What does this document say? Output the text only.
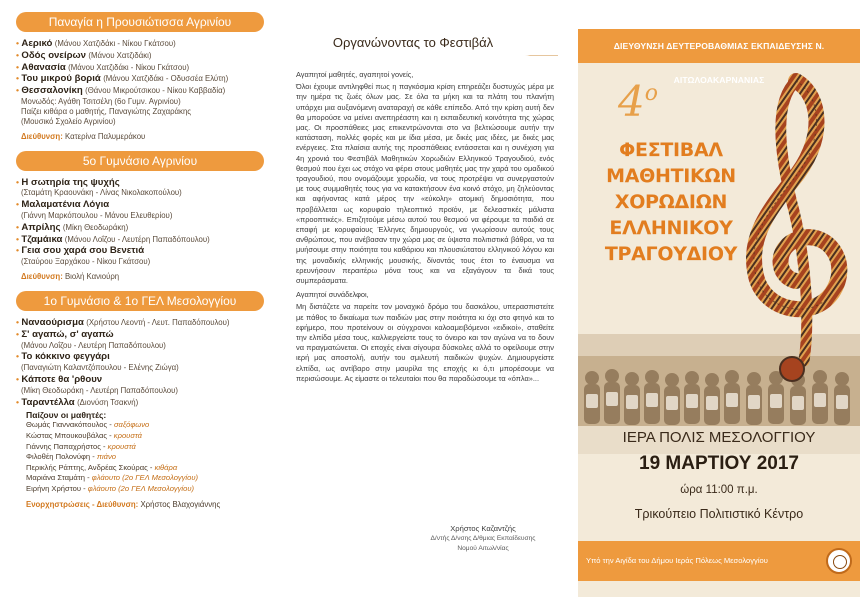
Παναγία η Προυσιώτισσα Αγρινίου
• Αερικό (Μάνου Χατζιδάκι - Νίκου Γκάτσου)
• Οδός ονείρων (Μάνου Χατζιδάκι)
• Αθανασία (Μάνου Χατζιδάκι - Νίκου Γκάτσου)
• Του μικρού βοριά (Μάνου Χατζιδάκι - Οδυσσέα Ελύτη)
• Θεσσαλονίκη (Θάνου Μικρούτσικου - Νίκου Καββαδία)
Μονωδός: Αγάθη Τσιτσέλη (6ο Γυμν. Αγρινίου)
Παίζει κιθάρα ο μαθητής, Παναγιώτης Ζαχαράκης
(Μουσικό Σχολείο Αγρινίου)
Διεύθυνση: Κατερίνα Παλυμεράκου
5ο Γυμνάσιο Αγρινίου
• Η σωτηρία της ψυχής
(Σταμάτη Κραουνάκη - Λίνας Νικολακοπούλου)
• Μαλαματένια Λόγια
(Γιάννη Μαρκόπουλου - Μάνου Ελευθερίου)
• Απρίλης (Μίκη Θεοδωράκη)
• Τζαμάικα (Μάνου Λοΐζου - Λευτέρη Παπαδόπουλου)
• Γεια σου χαρά σου Βενετιά
(Σταύρου Ξαρχάκου - Νίκου Γκάτσου)
Διεύθυνση: Βιολή Κανιούρη
1ο Γυμνάσιο & 1ο ΓΕΛ Μεσολογγίου
• Ναναούρισμα (Χρήστου Λεοντή - Λευτ. Παπαδόπουλου)
• Σ' αγαπώ, σ' αγαπώ
(Μάνου Λοΐζου - Λευτέρη Παπαδόπουλου)
• Το κόκκινο φεγγάρι
(Παναγιώτη Καλαντζόπουλου - Ελένης Ζιώγα)
• Κάποτε θα 'ρθουν
(Μίκη Θεοδωράκη - Λευτέρη Παπαδόπουλου)
• Ταραντέλλα (Διονύση Τσακνή)
Παίζουν οι μαθητές:
Θωμάς Γιαννακόπουλος - σαξόφωνο
Κώστας Μπουκουβάλας - κρουστά
Γιάννης Παπαχρήστος - κρουστά
Φιλοθέη Πολονύφη - πιάνο
Περικλής Ράπτης, Ανδρέας Σκούρας - κιθάρα
Μαριάνα Σταμάτη - φλάουτο (2ο ΓΕΛ Μεσολογγίου)
Ειρήνη Χρήστου - φλάουτο (2ο ΓΕΛ Μεσολογγίου)
Ενορχηστρώσεις - Διεύθυνση: Χρήστος Βλαχογιάννης
Οργανώνοντας το Φεστιβάλ

Αγαπητοί μαθητές, αγαπητοί γονείς,

Όλοι έχουμε αντιληφθεί πως η παγκόσμια κρίση επηρεάζει δυστυχώς μέρα με την ημέρα τις ζωές όλων μας. Σε όλα τα μήκη και τα πλάτη του πλανήτη υπάρχει μια αυξανόμενη αναταραχή σε κάθε επίπεδο. Από την κρίση αυτή δεν θα μπορούσε να μείνει ανεπηρέαστη και η εκπαιδευτική κοινότητα της χώρας μας. Οι προσπάθειες μας επικεντρώνονται στο να βελτιώσουμε αυτήν την κατάσταση, πολλές φορές και με ίδια μέσα, με δικές μας ιδέες, με δικές μας ενέργειες. Στα πλαίσια αυτής της προσπάθειας εντάσσεται και η συνέχιση για 4η χρονιά του Φεστιβάλ Μαθητικών Χορωδιών Ελληνικού Τραγουδιού, ενός θεσμού που έχει ως στόχο να φέρει στους μαθητές μας την χαρά του ομαδικού τραγουδιού, που ονομάζουμε χορωδία, να τους προτρέψει να συνεργαστούν με τους συμμαθητές τους για να κατακτήσουν ένα κοινό στόχο, μη ζηλεύοντας και αφήνοντας κατά μέρος την «εύκολη» ατομική δημοσιότητα, που προβάλλεται ως κορυφαίο τηλεοπτικό προϊόν, με δελεαστικές μάλιστα «προοπτικές». Επιζητούμε μέσω αυτού του θεσμού να φέρουμε τα παιδιά σε επαφή με κορυφαίους Έλληνες δημιουργούς, να γνωρίσουν αυτούς τους ανθρώπους, που ανέβασαν την χώρα μας σε ύψιστα πολιτιστικά βάθρα, να τα μυήσουμε στην ποιότητα του καθάριου και πλουσιώτατου ελληνικού λόγου και της μοναδικής ελληνικής μουσικής, δίνοντάς τους έτσι το έναυσμα να ερευνήσουν περαιτέρω μόνα τους και να εξαγάγουν τα δικά τους συμπεράσματα.

Αγαπητοί συνάδελφοι,

Μη διστάζετε να παρείτε τον μοναχικό δρόμο του δασκάλου, υπερασπιστείτε με πάθος το δικαίωμα των παιδιών μας στην ποιότητα κι όχι στο φτηνό και το εφήμερο, που προτείνουν οι σύγχρονοι καλοαμειβόμενοι «ειδικοί», σταθείτε την ελπίδα μέσα τους, καλλιεργείστε τους το όνειρο και τον αγώνα να το δουν να πραγματώνεται. Οι εποχές είναι σίγουρα δύσκολες αλλά το οφείλουμε στην ιερή μας αποστολή, αυτήν του σμιλευτή παιδικών ψυχών. Δημιουργείστε ελπίδα, ως αντίβαρο στην μαυρίλα της εποχής κι ό,τι μπορέσουμε να περισώσουμε. Ας είμαστε οι τελευταίοι που θα παραδώσουμε τα «όπλα»...

Χρήστος Καζαντζής
Δ/ντής Δ/νσης Δ/θμιας Εκπαίδευσης
Νομού Αιτωλ/νίας
ΔΙΕΥΘΥΝΣΗ ΔΕΥΤΕΡΟΒΑΘΜΙΑΣ ΕΚΠΑΙΔΕΥΣΗΣ Ν. ΑΙΤΩΛΟΑΚΑΡΝΑΝΙΑΣ
$4^o$
ΦΕΣΤΙΒΑΛ
ΜΑΘΗΤΙΚΩΝ
ΧΟΡΩΔΙΩΝ
ΕΛΛΗΝΙΚΟΥ
ΤΡΑΓΟΥΔΙΟΥ
ΙΕΡΑ ΠΟΛΙΣ ΜΕΣΟΛΟΓΓΙΟΥ
19 ΜΑΡΤΙΟΥ 2017
ώρα 11:00 π.μ.
Τρικούπειο Πολιτιστικό Κέντρο
Υπό την Αιγίδα του Δήμου Ιεράς Πόλεως Μεσολογγίου
